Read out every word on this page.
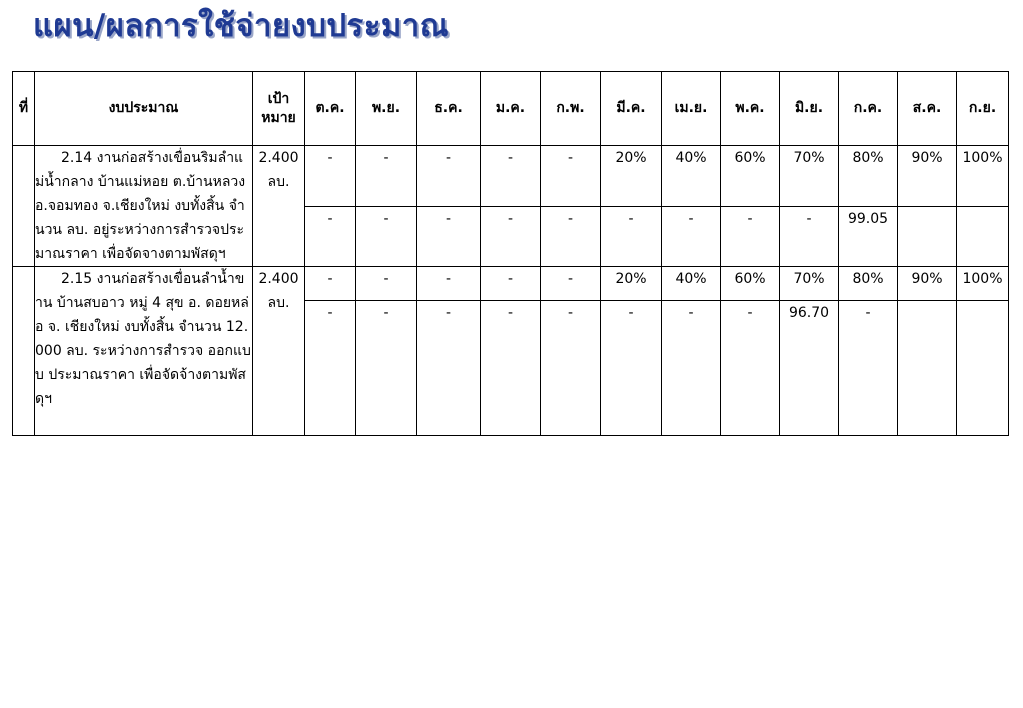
แผน/ผลการใช้จ่ายงบประมาณ
ที่	งบประมาณ	เป้า หมาย	ต.ค.	พ.ย.	ธ.ค.	ม.ค.	ก.พ.	มี.ค.	เม.ย.	พ.ค.	มิ.ย.	ก.ค.	ส.ค.	ก.ย.
	2.14 งานก่อสร้างเขื่อนริมลำแม่น้ำกลาง บ้านแม่หอย ต.บ้านหลวง อ.จอมทอง จ.เชียงใหม่ งบทั้งสิ้น จำนวน ลบ. อยู่ระหว่างการสำรวจประมาณราคา เพื่อจัดจางตามพัสดุฯ	2.400 ลบ.	-	-	-	-	-	20%	40%	60%	70%	80%	90%	100%
			-	-	-	-	-	-	-	-	-	99.05		
	2.15 งานก่อสร้างเขื่อนลำน้ำขาน บ้านสบอาว หมู่ 4 สุข อ. ดอยหล่อ จ. เชียงใหม่ งบทั้งสิ้น จำนวน 12.000 ลบ. ระหว่างการสำรวจ ออกแบบ ประมาณราคา เพื่อจัดจ้างตามพัสดุฯ	2.400 ลบ.	-	-	-	-	-	20%	40%	60%	70%	80%	90%	100%
			-	-	-	-	-	-	-	-	96.70	-		
